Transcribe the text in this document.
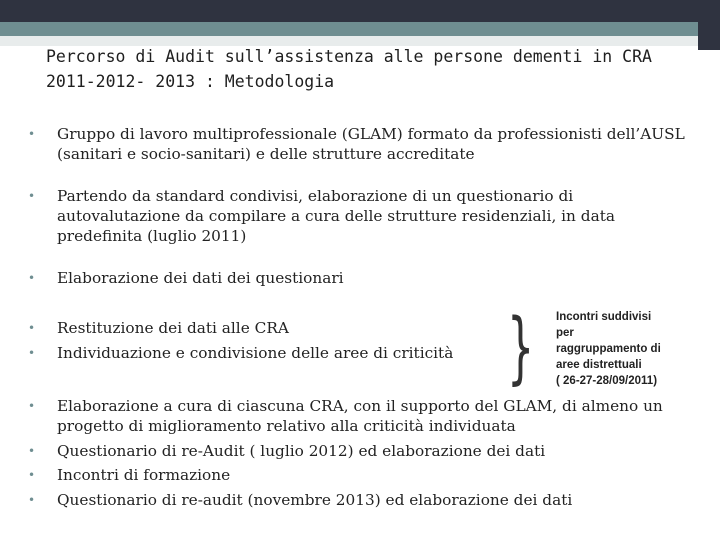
Percorso di Audit sull’assistenza alle persone dementi in CRA
2011-2012- 2013 : Metodologia
• Gruppo di lavoro multiprofessionale (GLAM) formato da professionisti dell’AUSL (sanitari e socio-sanitari) e delle strutture accreditate
• Partendo da standard condivisi, elaborazione di un questionario di autovalutazione da compilare a cura delle strutture residenziali, in data predefinita (luglio 2011)
• Elaborazione dei dati dei questionari
• Restituzione dei dati alle CRA
• Individuazione e condivisione delle aree di criticità
• Elaborazione a cura di ciascuna CRA, con il supporto del GLAM, di almeno un progetto di miglioramento relativo alla criticità individuata
• Questionario di re-Audit ( luglio 2012) ed elaborazione dei dati
• Incontri di formazione
• Questionario di re-audit (novembre 2013) ed elaborazione dei dati
} Incontri suddivisi
per
raggruppamento di
aree distrettuali
( 26-27-28/09/2011)
